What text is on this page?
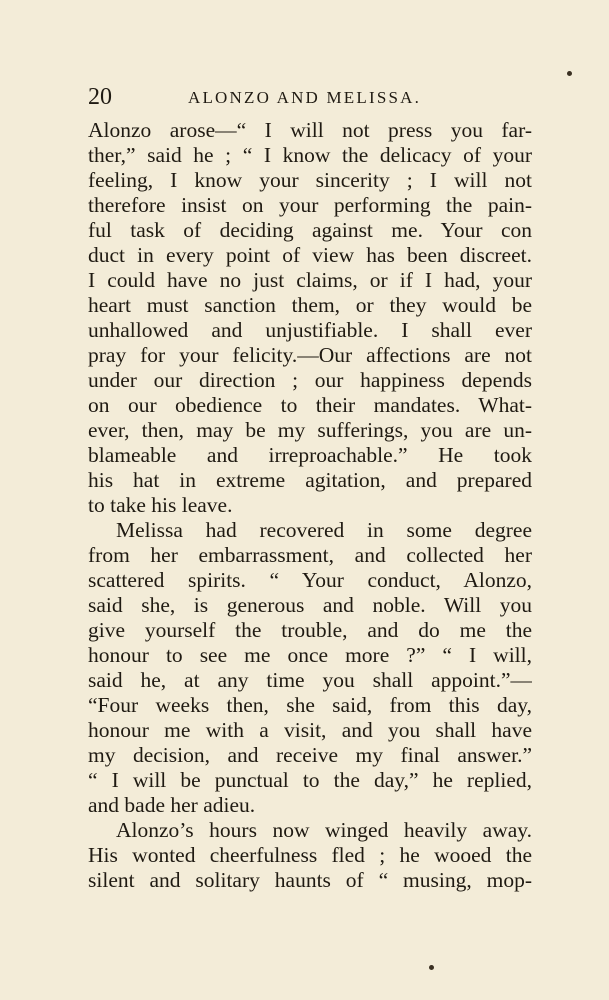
20	ALONZO AND MELISSA.
Alonzo arose—“ I will not press you far-
ther,” said he ; “ I know the delicacy of your
feeling, I know your sincerity ; I will not
therefore insist on your performing the pain-
ful task of deciding against me. Your con
duct in every point of view has been discreet.
I could have no just claims, or if I had, your
heart must sanction them, or they would be
unhallowed and unjustifiable. I shall ever
pray for your felicity.—Our affections are not
under our direction ; our happiness depends
on our obedience to their mandates. What-
ever, then, may be my sufferings, you are un-
blameable and irreproachable.” He took
his hat in extreme agitation, and prepared
to take his leave.
Melissa had recovered in some degree
from her embarrassment, and collected her
scattered spirits. “ Your conduct, Alonzo,
said she, is generous and noble. Will you
give yourself the trouble, and do me the
honour to see me once more ?” “ I will,
said he, at any time you shall appoint.”—
“Four weeks then, she said, from this day,
honour me with a visit, and you shall have
my decision, and receive my final answer.”
“ I will be punctual to the day,” he replied,
and bade her adieu.
Alonzo’s hours now winged heavily away.
His wonted cheerfulness fled ; he wooed the
silent and solitary haunts of “ musing, mop-
